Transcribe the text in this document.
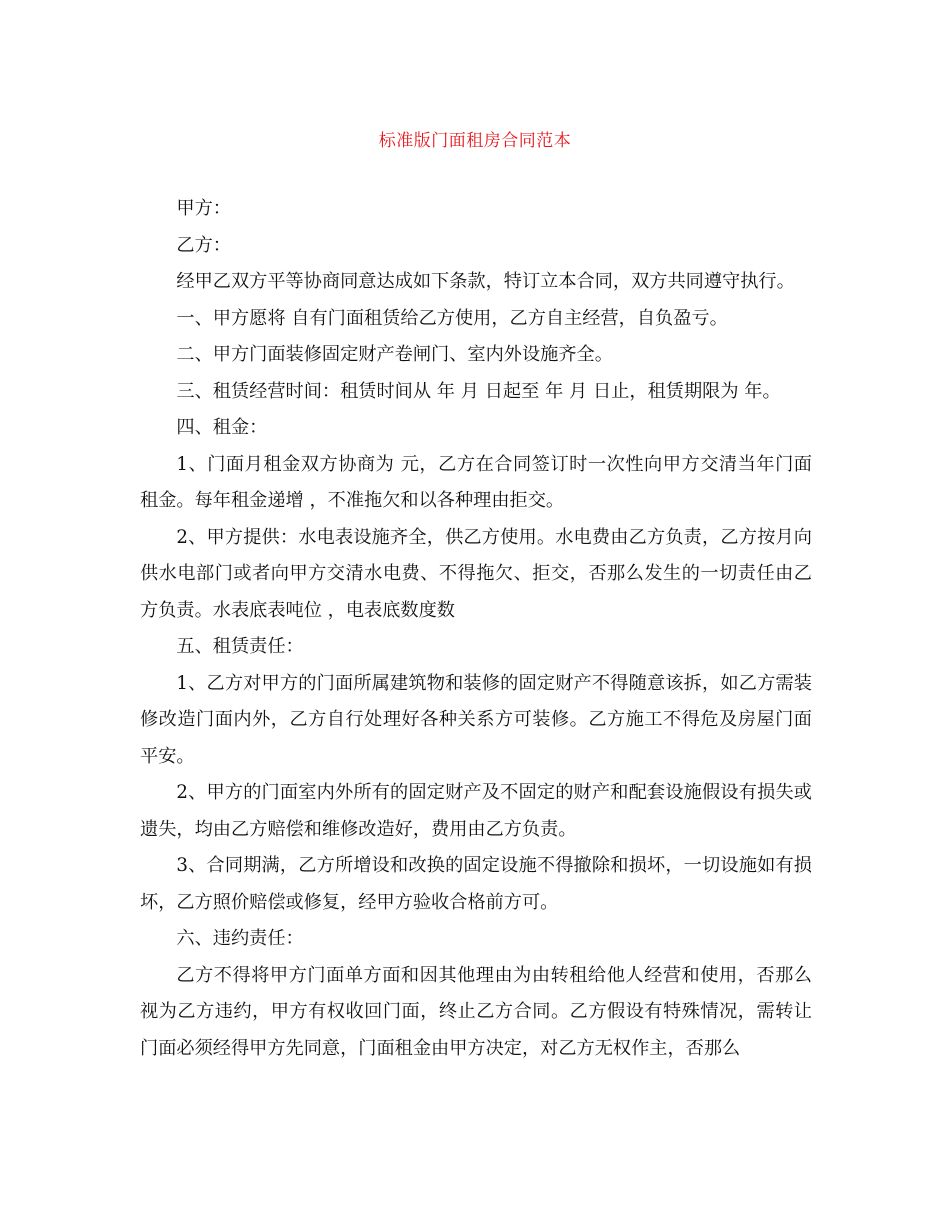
标准版门面租房合同范本

甲方：

乙方：

经甲乙双方平等协商同意达成如下条款，特订立本合同，双方共同遵守执行。

一、甲方愿将 自有门面租赁给乙方使用，乙方自主经营，自负盈亏。

二、甲方门面装修固定财产卷闸门、室内外设施齐全。

三、租赁经营时间：租赁时间从 年 月 日起至 年 月 日止，租赁期限为 年。

四、租金：

1、门面月租金双方协商为 元，乙方在合同签订时一次性向甲方交清当年门面租金。每年租金递增 ，不准拖欠和以各种理由拒交。

2、甲方提供：水电表设施齐全，供乙方使用。水电费由乙方负责，乙方按月向供水电部门或者向甲方交清水电费、不得拖欠、拒交，否那么发生的一切责任由乙方负责。水表底表吨位 ，电表底数度数

五、租赁责任：

1、乙方对甲方的门面所属建筑物和装修的固定财产不得随意该拆，如乙方需装修改造门面内外，乙方自行处理好各种关系方可装修。乙方施工不得危及房屋门面平安。

2、甲方的门面室内外所有的固定财产及不固定的财产和配套设施假设有损失或遗失，均由乙方赔偿和维修改造好，费用由乙方负责。

3、合同期满，乙方所增设和改换的固定设施不得撤除和损坏，一切设施如有损坏，乙方照价赔偿或修复，经甲方验收合格前方可。

六、违约责任：

乙方不得将甲方门面单方面和因其他理由为由转租给他人经营和使用，否那么视为乙方违约，甲方有权收回门面，终止乙方合同。乙方假设有特殊情况，需转让门面必须经得甲方先同意，门面租金由甲方决定，对乙方无权作主，否那么
